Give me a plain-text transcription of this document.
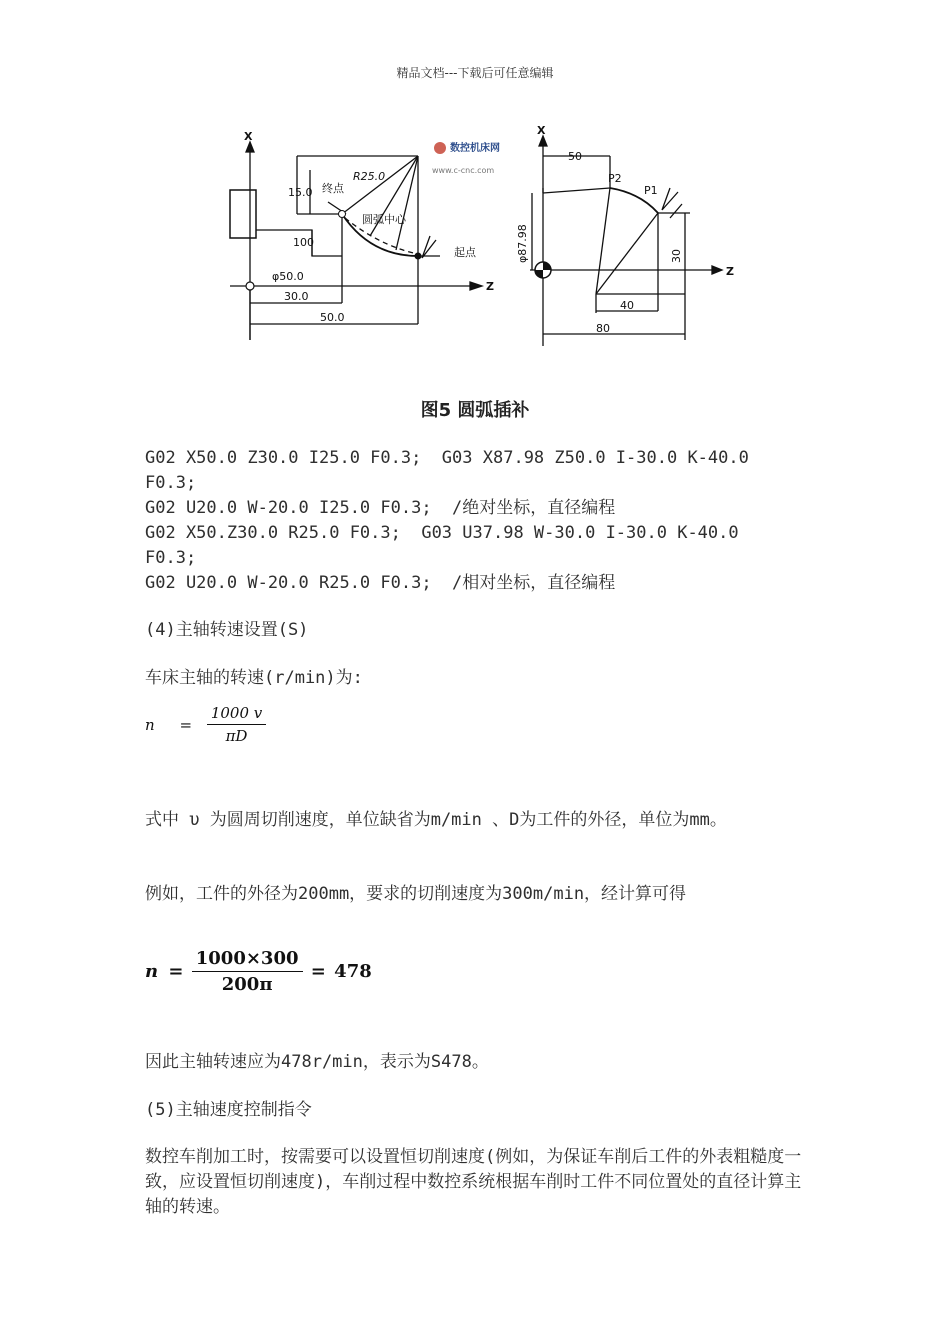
精品文档---下载后可任意编辑
X
Z
15.0
R25.0
终点
圆弧中心
起点
100
φ50.0
30.0
50.0
数控机床网
www.c-cnc.com
X
Z
50
P2
P1
φ87.98	30
40
80
图5 圆弧插补
G02 X50.0 Z30.0 I25.0 F0.3;  G03 X87.98 Z50.0 I-30.0 K-40.0
F0.3;
G02 U20.0 W-20.0 I25.0 F0.3;  /绝对坐标，直径编程
G02 X50.Z30.0 R25.0 F0.3;  G03 U37.98 W-30.0 I-30.0 K-40.0
F0.3;
G02 U20.0 W-20.0 R25.0 F0.3;  /相对坐标，直径编程
(4)主轴转速设置(S)
车床主轴的转速(r/min)为:
$n = \frac{1000 v}{\pi D}$
式中 υ 为圆周切削速度，单位缺省为m/min 、D为工件的外径，单位为mm。
例如，工件的外径为200mm，要求的切削速度为300m/min，经计算可得
$n = \frac{1000\times 300}{200\pi} = 478$
因此主轴转速应为478r/min，表示为S478。
(5)主轴速度控制指令
数控车削加工时，按需要可以设置恒切削速度(例如，为保证车削后工件的外表粗糙度一致，应设置恒切削速度)，车削过程中数控系统根据车削时工件不同位置处的直径计算主轴的转速。
